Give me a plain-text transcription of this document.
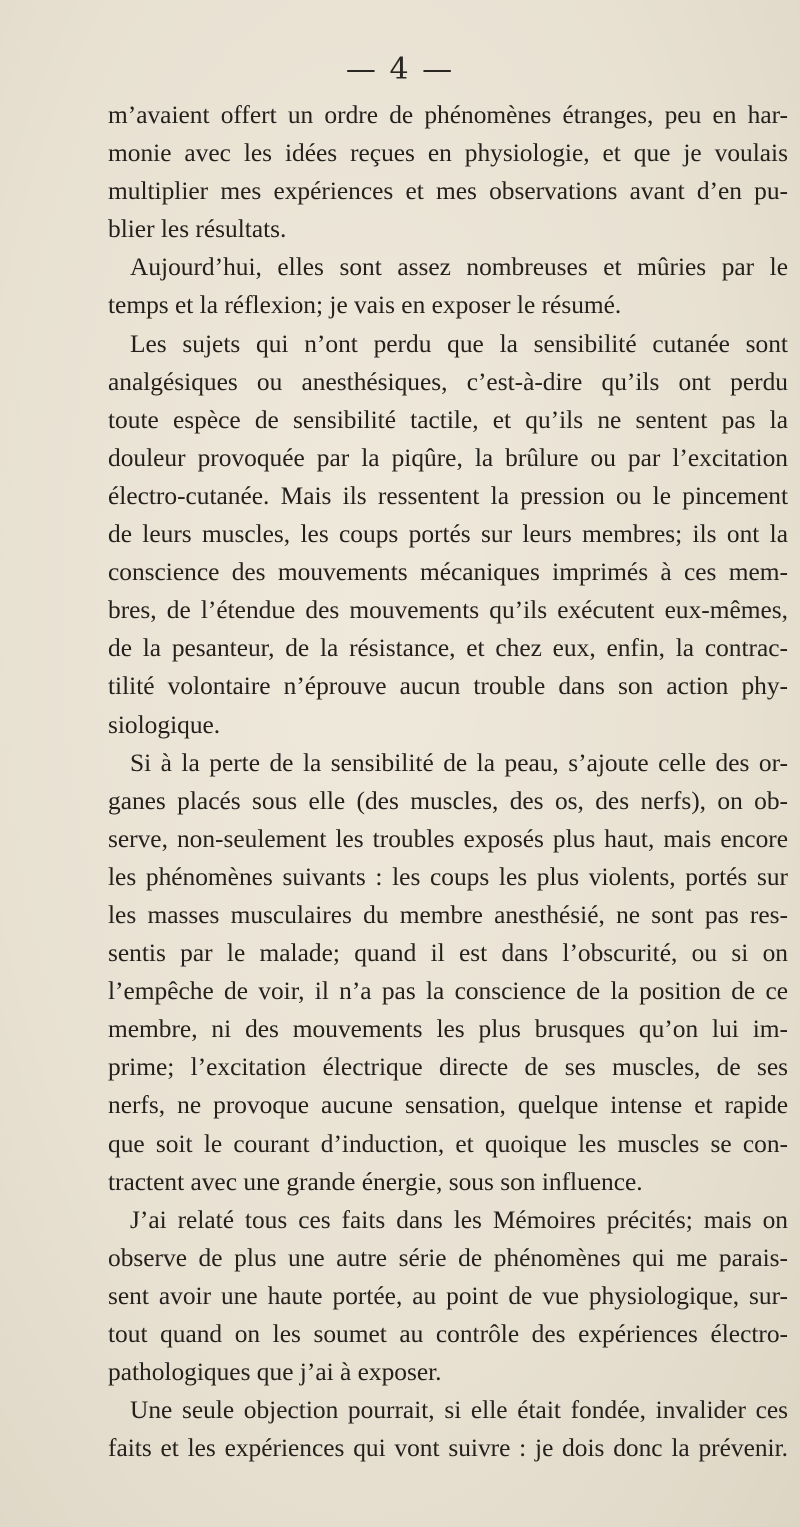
— 4 —
m’avaient offert un ordre de phénomènes étranges, peu en har-
monie avec les idées reçues en physiologie, et que je voulais
multiplier mes expériences et mes observations avant d’en pu-
blier les résultats.
Aujourd’hui, elles sont assez nombreuses et mûries par le
temps et la réflexion; je vais en exposer le résumé.
Les sujets qui n’ont perdu que la sensibilité cutanée sont
analgésiques ou anesthésiques, c’est-à-dire qu’ils ont perdu
toute espèce de sensibilité tactile, et qu’ils ne sentent pas la
douleur provoquée par la piqûre, la brûlure ou par l’excitation
électro-cutanée. Mais ils ressentent la pression ou le pincement
de leurs muscles, les coups portés sur leurs membres; ils ont la
conscience des mouvements mécaniques imprimés à ces mem-
bres, de l’étendue des mouvements qu’ils exécutent eux-mêmes,
de la pesanteur, de la résistance, et chez eux, enfin, la contrac-
tilité volontaire n’éprouve aucun trouble dans son action phy-
siologique.
Si à la perte de la sensibilité de la peau, s’ajoute celle des or-
ganes placés sous elle (des muscles, des os, des nerfs), on ob-
serve, non-seulement les troubles exposés plus haut, mais encore
les phénomènes suivants : les coups les plus violents, portés sur
les masses musculaires du membre anesthésié, ne sont pas res-
sentis par le malade; quand il est dans l’obscurité, ou si on
l’empêche de voir, il n’a pas la conscience de la position de ce
membre, ni des mouvements les plus brusques qu’on lui im-
prime; l’excitation électrique directe de ses muscles, de ses
nerfs, ne provoque aucune sensation, quelque intense et rapide
que soit le courant d’induction, et quoique les muscles se con-
tractent avec une grande énergie, sous son influence.
J’ai relaté tous ces faits dans les Mémoires précités; mais on
observe de plus une autre série de phénomènes qui me parais-
sent avoir une haute portée, au point de vue physiologique, sur-
tout quand on les soumet au contrôle des expériences électro-
pathologiques que j’ai à exposer.
Une seule objection pourrait, si elle était fondée, invalider ces
faits et les expériences qui vont suivre : je dois donc la prévenir.
